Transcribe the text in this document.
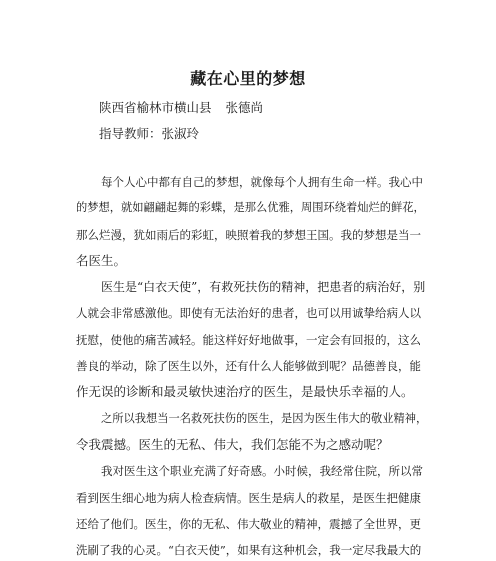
藏在心里的梦想
陕西省榆林市横山县 张德尚
指导教师：张淑玲
每个人心中都有自己的梦想，就像每个人拥有生命一样。我心中
的梦想，就如翩翩起舞的彩蝶，是那么优雅，周围环绕着灿烂的鲜花，
那么烂漫，犹如雨后的彩虹，映照着我的梦想王国。我的梦想是当一
名医生。
医生是“白衣天使”，有救死扶伤的精神，把患者的病治好，别
人就会非常感激他。即使有无法治好的患者，也可以用诚挚给病人以
抚慰，使他的痛苦减轻。能这样好好地做事，一定会有回报的，这么
善良的举动，除了医生以外，还有什么人能够做到呢？品德善良，能
作无误的诊断和最灵敏快速治疗的医生，是最快乐幸福的人。
之所以我想当一名救死扶伤的医生，是因为医生伟大的敬业精神，
令我震撼。医生的无私、伟大，我们怎能不为之感动呢？
我对医生这个职业充满了好奇感。小时候，我经常住院，所以常
看到医生细心地为病人检查病情。医生是病人的救星，是医生把健康
还给了他们。医生，你的无私、伟大敬业的精神，震撼了全世界，更
洗刷了我的心灵。“白衣天使”，如果有这种机会，我一定尽我最大的
